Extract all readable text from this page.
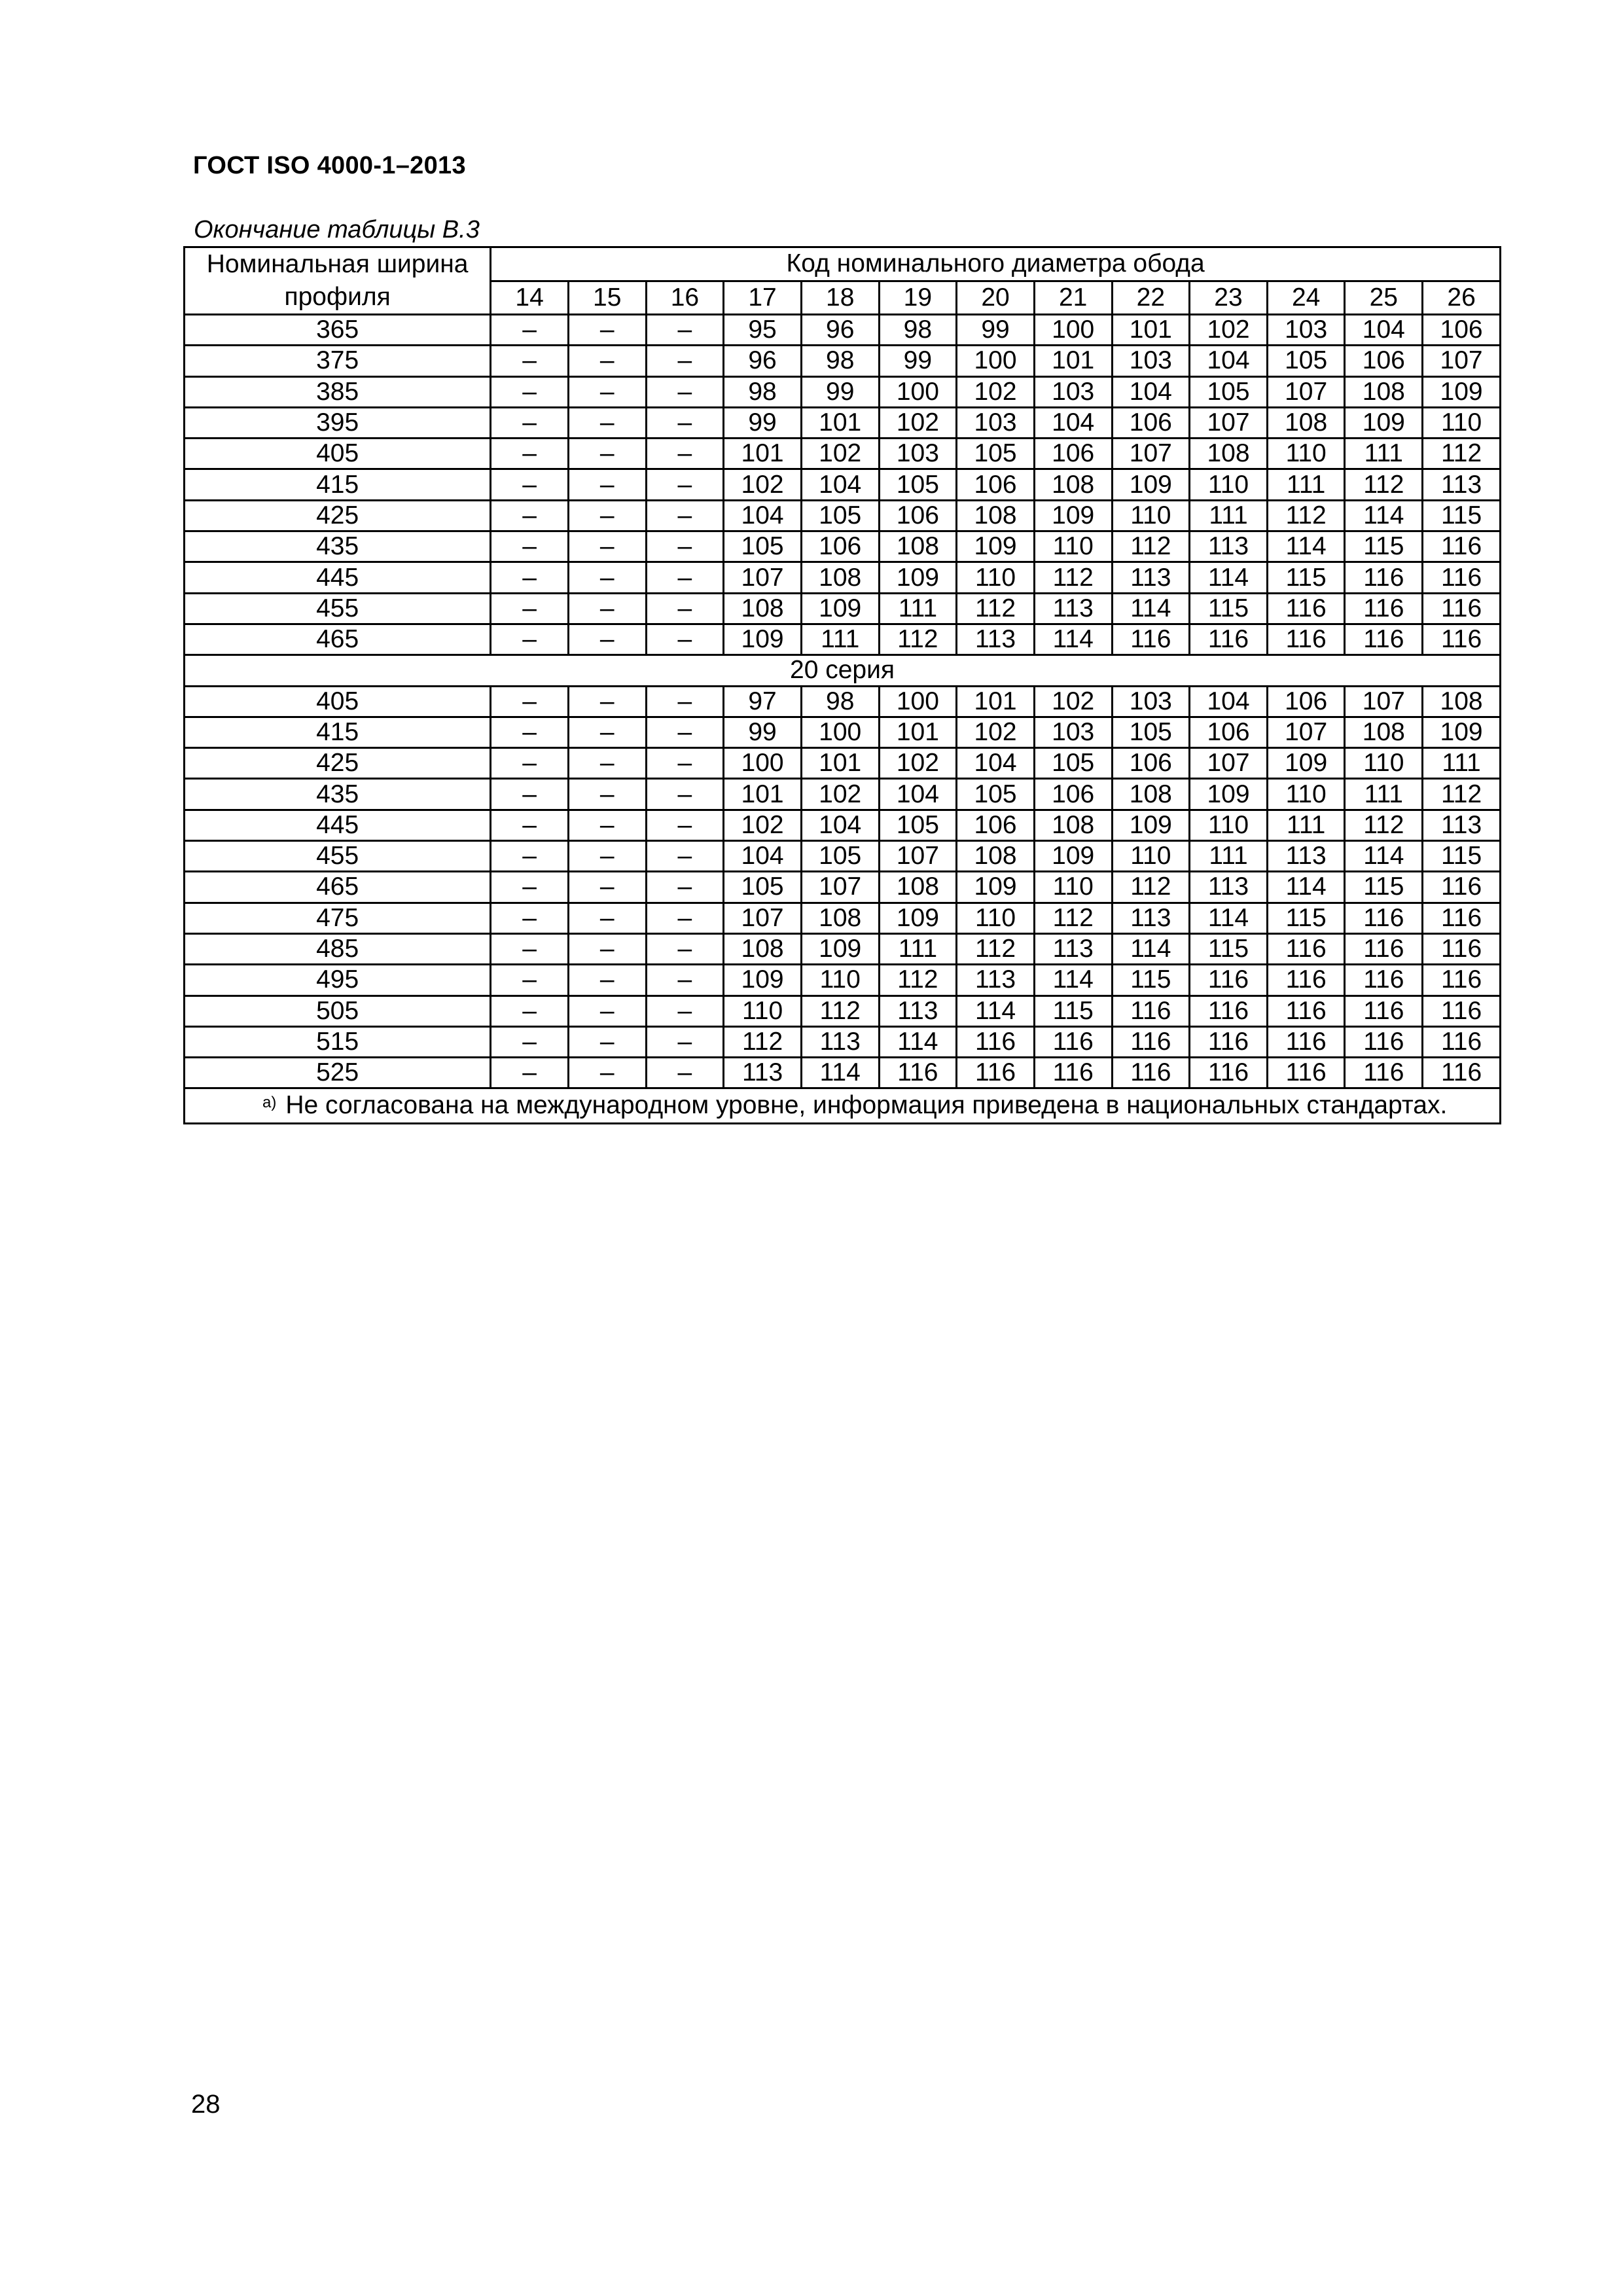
ГОСТ ISO 4000-1–2013
Окончание таблицы В.3
Номинальная ширина профиля	Код номинального диаметра обода												
	14	15	16	17	18	19	20	21	22	23	24	25	26
365	–	–	–	95	96	98	99	100	101	102	103	104	106
375	–	–	–	96	98	99	100	101	103	104	105	106	107
385	–	–	–	98	99	100	102	103	104	105	107	108	109
395	–	–	–	99	101	102	103	104	106	107	108	109	110
405	–	–	–	101	102	103	105	106	107	108	110	111	112
415	–	–	–	102	104	105	106	108	109	110	111	112	113
425	–	–	–	104	105	106	108	109	110	111	112	114	115
435	–	–	–	105	106	108	109	110	112	113	114	115	116
445	–	–	–	107	108	109	110	112	113	114	115	116	116
455	–	–	–	108	109	111	112	113	114	115	116	116	116
465	–	–	–	109	111	112	113	114	116	116	116	116	116
20 серия													
405	–	–	–	97	98	100	101	102	103	104	106	107	108
415	–	–	–	99	100	101	102	103	105	106	107	108	109
425	–	–	–	100	101	102	104	105	106	107	109	110	111
435	–	–	–	101	102	104	105	106	108	109	110	111	112
445	–	–	–	102	104	105	106	108	109	110	111	112	113
455	–	–	–	104	105	107	108	109	110	111	113	114	115
465	–	–	–	105	107	108	109	110	112	113	114	115	116
475	–	–	–	107	108	109	110	112	113	114	115	116	116
485	–	–	–	108	109	111	112	113	114	115	116	116	116
495	–	–	–	109	110	112	113	114	115	116	116	116	116
505	–	–	–	110	112	113	114	115	116	116	116	116	116
515	–	–	–	112	113	114	116	116	116	116	116	116	116
525	–	–	–	113	114	116	116	116	116	116	116	116	116
$^{а)}$ Не согласована на международном уровне, информация приведена в национальных стандартах.													
28
